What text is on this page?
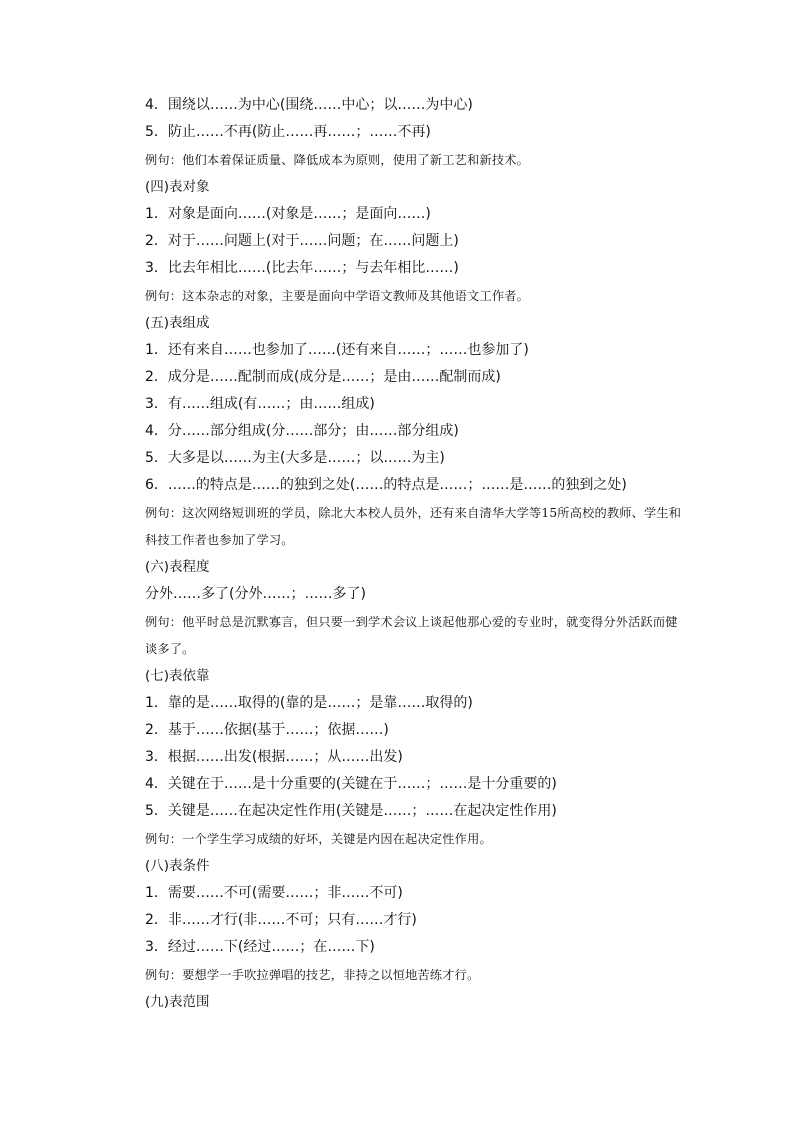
4．围绕以……为中心(围绕……中心；以……为中心)
5．防止……不再(防止……再……；……不再)
例句：他们本着保证质量、降低成本为原则，使用了新工艺和新技术。
(四)表对象
1．对象是面向……(对象是……；是面向……)
2．对于……问题上(对于……问题；在……问题上)
3．比去年相比……(比去年……；与去年相比……)
例句：这本杂志的对象，主要是面向中学语文教师及其他语文工作者。
(五)表组成
1．还有来自……也参加了……(还有来自……；……也参加了)
2．成分是……配制而成(成分是……；是由……配制而成)
3．有……组成(有……；由……组成)
4．分……部分组成(分……部分；由……部分组成)
5．大多是以……为主(大多是……；以……为主)
6．……的特点是……的独到之处(……的特点是……；……是……的独到之处)
例句：这次网络短训班的学员，除北大本校人员外，还有来自清华大学等15所高校的教师、学生和科技工作者也参加了学习。
(六)表程度
分外……多了(分外……；……多了)
例句：他平时总是沉默寡言，但只要一到学术会议上谈起他那心爱的专业时，就变得分外活跃而健谈多了。
(七)表依靠
1．靠的是……取得的(靠的是……；是靠……取得的)
2．基于……依据(基于……；依据……)
3．根据……出发(根据……；从……出发)
4．关键在于……是十分重要的(关键在于……；……是十分重要的)
5．关键是……在起决定性作用(关键是……；……在起决定性作用)
例句：一个学生学习成绩的好坏，关键是内因在起决定性作用。
(八)表条件
1．需要……不可(需要……；非……不可)
2．非……才行(非……不可；只有……才行)
3．经过……下(经过……；在……下)
例句：要想学一手吹拉弹唱的技艺，非持之以恒地苦练才行。
(九)表范围
